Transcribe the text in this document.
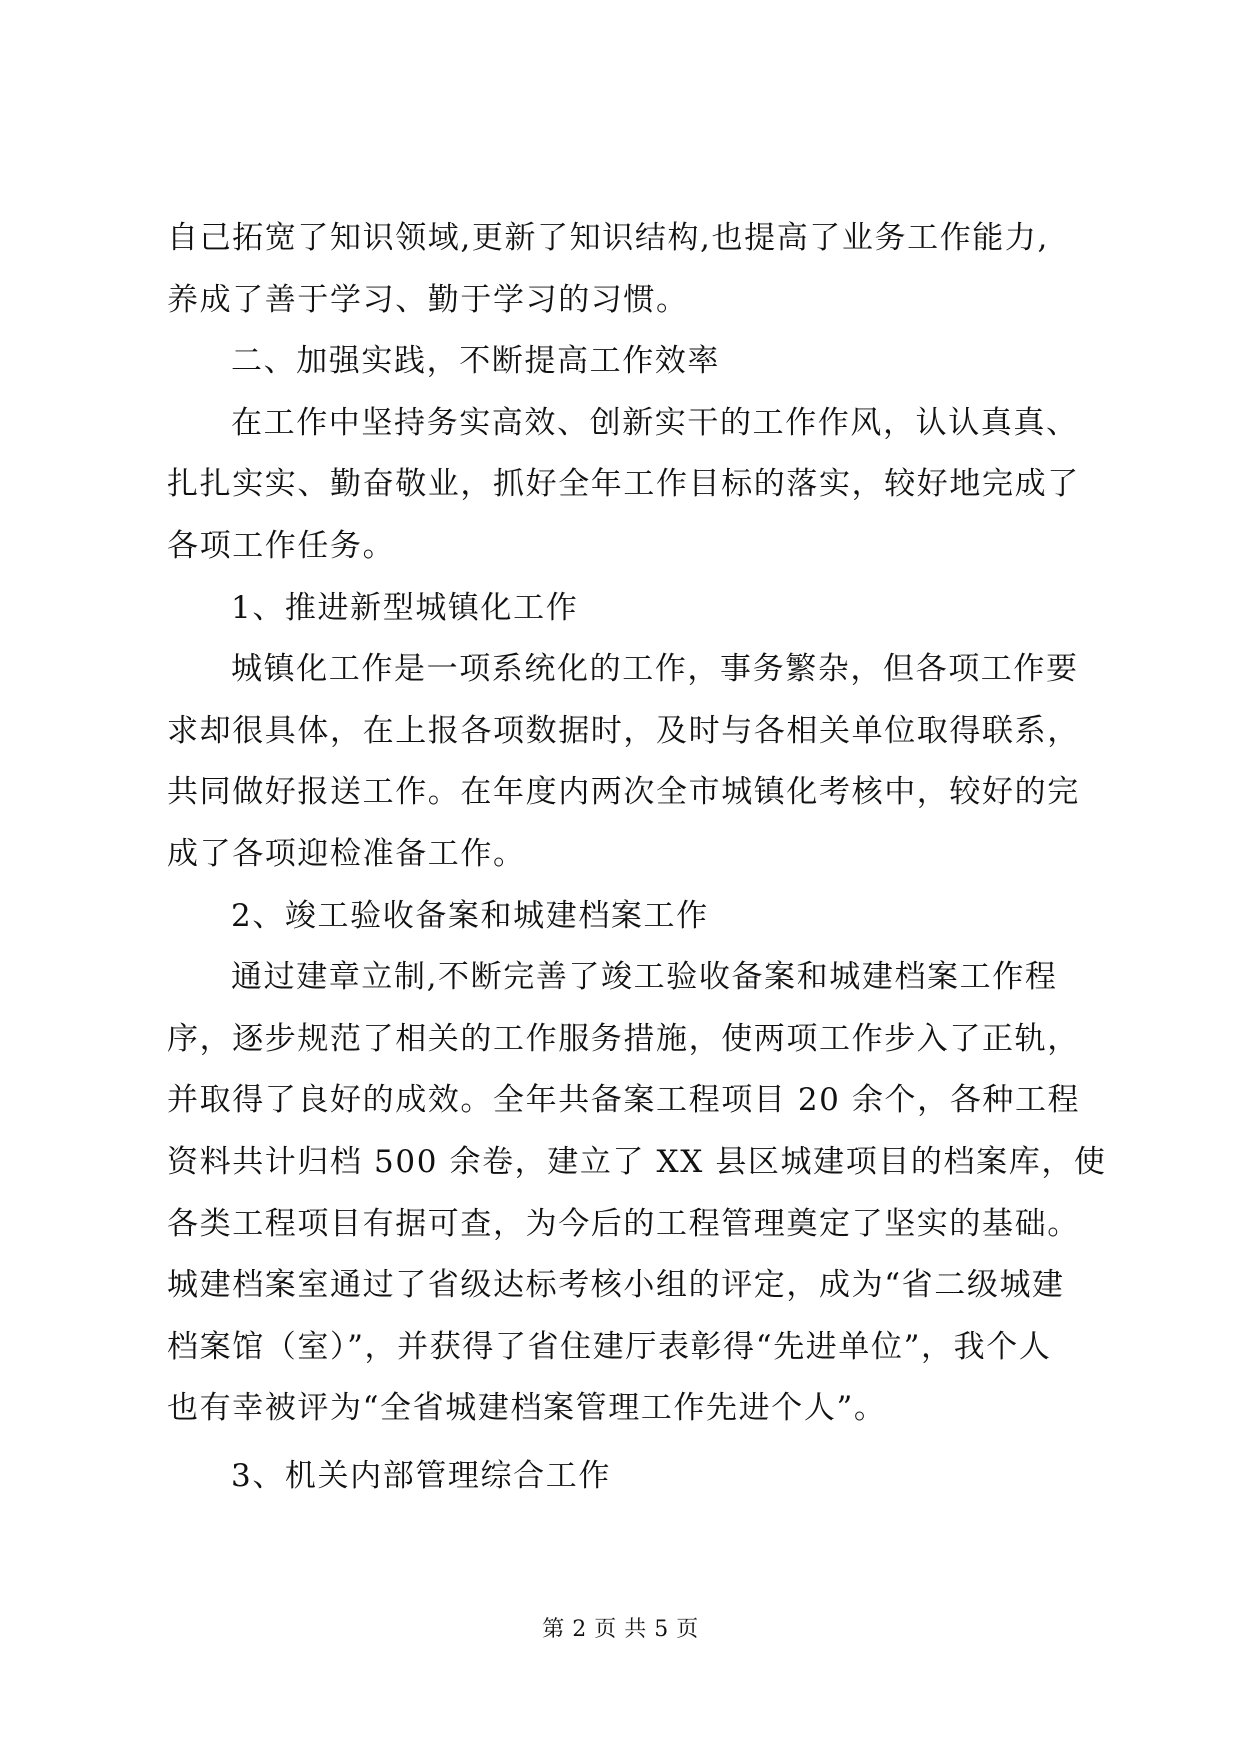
自己拓宽了知识领域,更新了知识结构,也提高了业务工作能力,
养成了善于学习、勤于学习的习惯。

二、加强实践，不断提高工作效率

在工作中坚持务实高效、创新实干的工作作风，认认真真、
扎扎实实、勤奋敬业，抓好全年工作目标的落实，较好地完成了
各项工作任务。

1、推进新型城镇化工作

城镇化工作是一项系统化的工作，事务繁杂，但各项工作要
求却很具体，在上报各项数据时，及时与各相关单位取得联系，
共同做好报送工作。在年度内两次全市城镇化考核中，较好的完
成了各项迎检准备工作。

2、竣工验收备案和城建档案工作

通过建章立制,不断完善了竣工验收备案和城建档案工作程
序，逐步规范了相关的工作服务措施，使两项工作步入了正轨，
并取得了良好的成效。全年共备案工程项目 20 余个，各种工程
资料共计归档 500 余卷，建立了 XX 县区城建项目的档案库，使
各类工程项目有据可查，为今后的工程管理奠定了坚实的基础。
城建档案室通过了省级达标考核小组的评定，成为“省二级城建
档案馆（室）”，并获得了省住建厅表彰得“先进单位”，我个人
也有幸被评为“全省城建档案管理工作先进个人”。

3、机关内部管理综合工作

第 2 页 共 5 页
